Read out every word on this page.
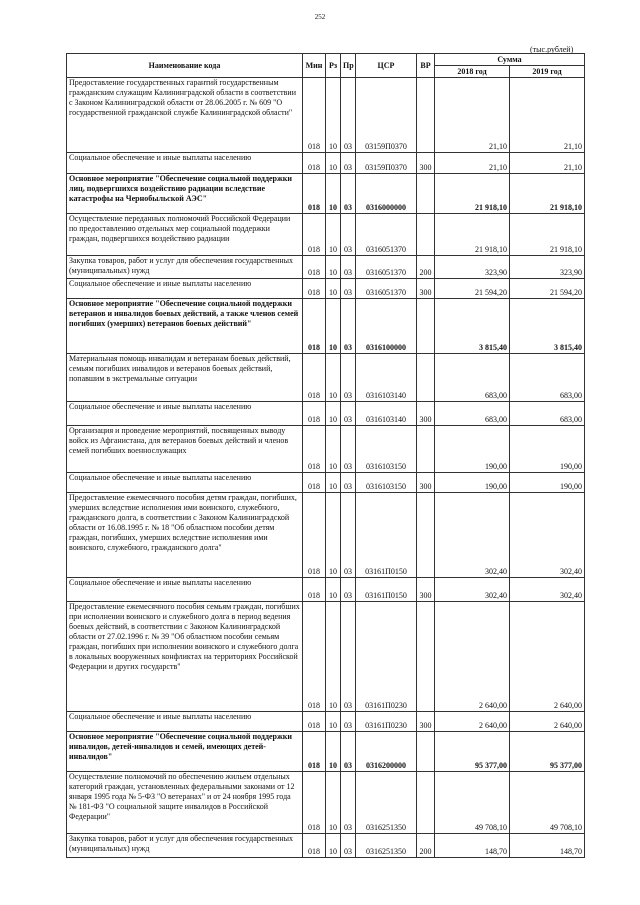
252
(тыс.рублей)
Наименование кода	Мин	Рз	Пр	ЦСР	ВР	Сумма	
						2018 год	2019 год
Предоставление государственных гарантий государственным гражданским служащим Калининградской области в соответствии с Законом Калининградской области от 28.06.2005 г. № 609 "О государственной гражданской службе Калининградской области"	018	10	03	03159П0370		21,10	21,10
Социальное обеспечение и иные выплаты населению	018	10	03	03159П0370	300	21,10	21,10
Основное мероприятие "Обеспечение социальной поддержки лиц, подвергшихся воздействию радиации вследствие катастрофы на Чернобыльской АЭС"	018	10	03	0316000000		21 918,10	21 918,10
Осуществление переданных полномочий Российской Федерации по предоставлению отдельных мер социальной поддержки граждан, подвергшихся воздействию радиации	018	10	03	0316051370		21 918,10	21 918,10
Закупка товаров, работ и услуг для обеспечения государственных (муниципальных) нужд	018	10	03	0316051370	200	323,90	323,90
Социальное обеспечение и иные выплаты населению	018	10	03	0316051370	300	21 594,20	21 594,20
Основное мероприятие "Обеспечение социальной поддержки ветеранов и инвалидов боевых действий, а также членов семей погибших (умерших) ветеранов боевых действий"	018	10	03	0316100000		3 815,40	3 815,40
Материальная помощь инвалидам и ветеранам боевых действий, семьям погибших инвалидов и ветеранов боевых действий, попавшим в экстремальные ситуации	018	10	03	0316103140		683,00	683,00
Социальное обеспечение и иные выплаты населению	018	10	03	0316103140	300	683,00	683,00
Организация и проведение мероприятий, посвященных выводу войск из Афганистана, для ветеранов боевых действий и членов семей погибших военнослужащих	018	10	03	0316103150		190,00	190,00
Социальное обеспечение и иные выплаты населению	018	10	03	0316103150	300	190,00	190,00
Предоставление ежемесячного пособия детям граждан, погибших, умерших вследствие исполнения ими воинского, служебного, гражданского долга, в соответствии с Законом Калининградской области от 16.08.1995 г. № 18 "Об областном пособии детям граждан, погибших, умерших вследствие исполнения ими воинского, служебного, гражданского долга"	018	10	03	03161П0150		302,40	302,40
Социальное обеспечение и иные выплаты населению	018	10	03	03161П0150	300	302,40	302,40
Предоставление ежемесячного пособия семьям граждан, погибших при исполнении воинского и служебного долга в период ведения боевых действий, в соответствии с Законом Калининградской области от 27.02.1996 г. № 39 "Об областном пособии семьям граждан, погибших при исполнении воинского и служебного долга в локальных вооруженных конфликтах на территориях Российской Федерации и других государств"	018	10	03	03161П0230		2 640,00	2 640,00
Социальное обеспечение и иные выплаты населению	018	10	03	03161П0230	300	2 640,00	2 640,00
Основное мероприятие "Обеспечение социальной поддержки инвалидов, детей-инвалидов и семей, имеющих детей-инвалидов"	018	10	03	0316200000		95 377,00	95 377,00
Осуществление полномочий по обеспечению жильем отдельных категорий граждан, установленных федеральными законами от 12 января 1995 года № 5-ФЗ "О ветеранах" и от 24 ноября 1995 года № 181-ФЗ "О социальной защите инвалидов в Российской Федерации"	018	10	03	0316251350		49 708,10	49 708,10
Закупка товаров, работ и услуг для обеспечения государственных (муниципальных) нужд	018	10	03	0316251350	200	148,70	148,70
